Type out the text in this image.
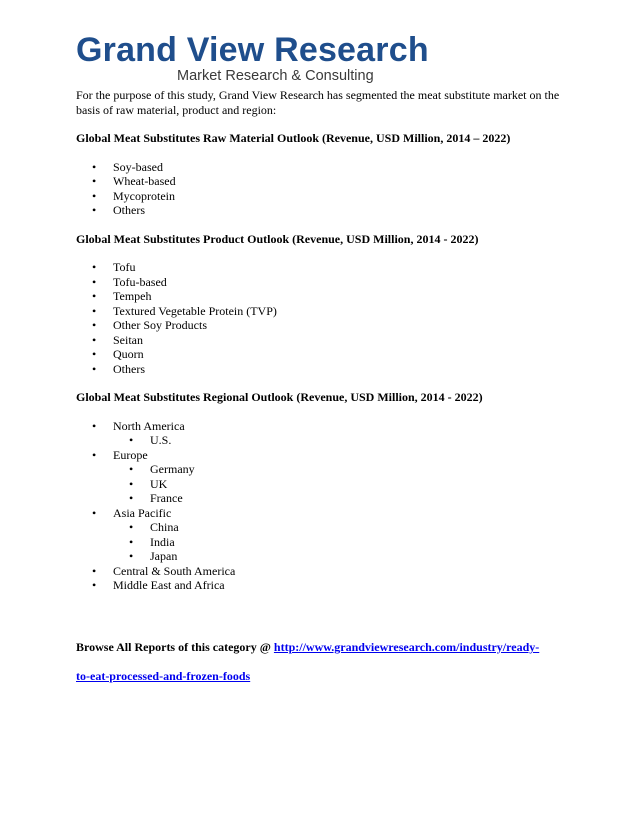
Grand View Research
Market Research & Consulting

For the purpose of this study, Grand View Research has segmented the meat substitute market on the basis of raw material, product and region:

Global Meat Substitutes Raw Material Outlook (Revenue, USD Million, 2014 – 2022)
• Soy-based
• Wheat-based
• Mycoprotein
• Others
Global Meat Substitutes Product Outlook (Revenue, USD Million, 2014 - 2022)
• Tofu
• Tofu-based
• Tempeh
• Textured Vegetable Protein (TVP)
• Other Soy Products
• Seitan
• Quorn
• Others
Global Meat Substitutes Regional Outlook (Revenue, USD Million, 2014 - 2022)
• North America
• U.S.
• Europe
• Germany
• UK
• France
• Asia Pacific
• China
• India
• Japan
• Central & South America
• Middle East and Africa
Browse All Reports of this category @ http://www.grandviewresearch.com/industry/ready-
to-eat-processed-and-frozen-foods
